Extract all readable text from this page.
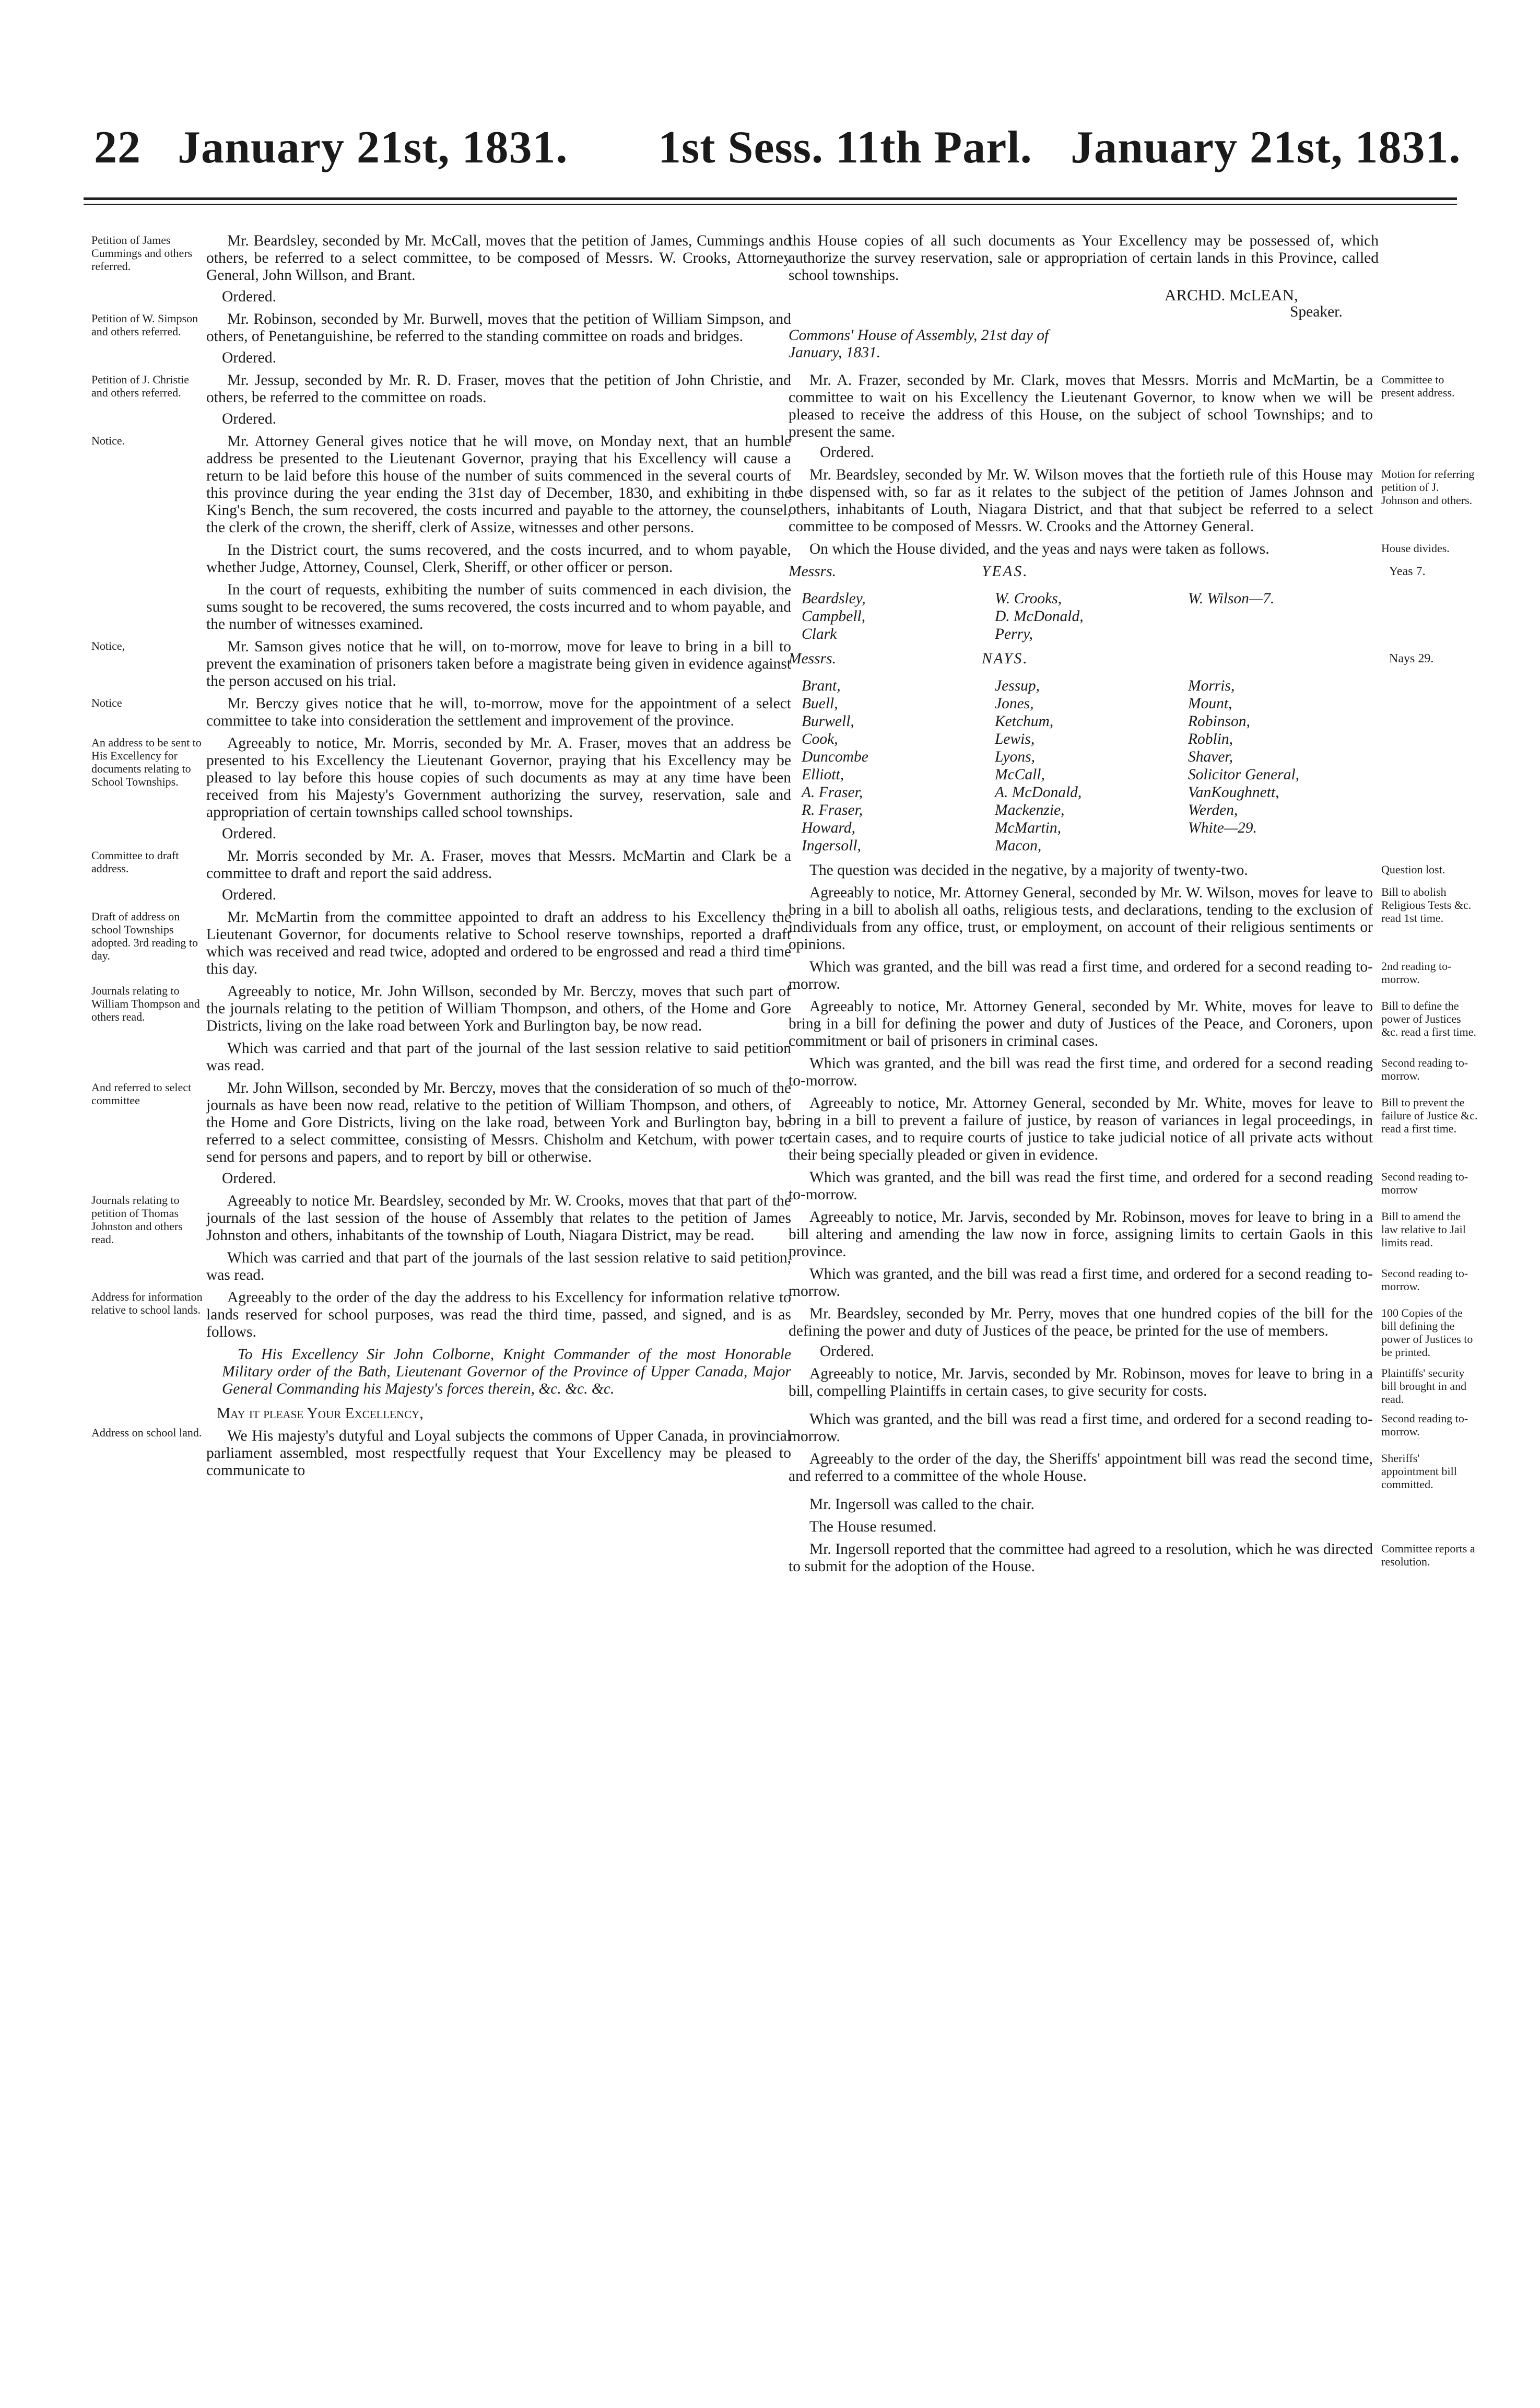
22 January 21st, 1831. 1st Sess. 11th Parl. January 21st, 1831.
Petition of James Cummings and others referred.

Mr. Beardsley, seconded by Mr. McCall, moves that the petition of James, Cummings and others, be referred to a select committee, to be composed of Messrs. W. Crooks, Attorney General, John Willson, and Brant.

Ordered.

Petition of W. Simpson and others referred.

Mr. Robinson, seconded by Mr. Burwell, moves that the petition of William Simpson, and others, of Penetanguishine, be referred to the standing committee on roads and bridges.

Ordered.

Petition of J. Christie and others referred.

Mr. Jessup, seconded by Mr. R. D. Fraser, moves that the petition of John Christie, and others, be referred to the committee on roads.

Ordered.

Notice.	Mr. Attorney General gives notice that he will move, on Monday next, that an humble address be presented to the Lieutenant Governor, praying that his Excellency will cause a return to be laid before this house of the number of suits commenced in the several courts of this province during the year ending the 31st day of December, 1830, and exhibiting in the King's Bench, the sum recovered, the costs incurred and payable to the attorney, the counsel, the clerk of the crown, the sheriff, clerk of Assize, witnesses and other persons.

In the District court, the sums recovered, and the costs incurred, and to whom payable, whether Judge, Attorney, Counsel, Clerk, Sheriff, or other officer or person.

In the court of requests, exhibiting the number of suits commenced in each division, the sums sought to be recovered, the sums recovered, the costs incurred and to whom payable, and the number of witnesses examined.

Notice,	Mr. Samson gives notice that he will, on to-morrow, move for leave to bring in a bill to prevent the examination of prisoners taken before a magistrate being given in evidence against the person accused on his trial.

Notice	Mr. Berczy gives notice that he will, to-morrow, move for the appointment of a select committee to take into consideration the settlement and improvement of the province.

An address to be sent to His Excellency for documents relating to School Townships.

Agreeably to notice, Mr. Morris, seconded by Mr. A. Fraser, moves that an address be presented to his Excellency the Lieutenant Governor, praying that his Excellency may be pleased to lay before this house copies of such documents as may at any time have been received from his Majesty's Government authorizing the survey, reservation, sale and appropriation of certain townships called school townships.

Ordered.

Committee to draft address.

Mr. Morris seconded by Mr. A. Fraser, moves that Messrs. McMartin and Clark be a committee to draft and report the said address.

Ordered.

Draft of address on school Townships adopted. 3rd reading to day.

Mr. McMartin from the committee appointed to draft an address to his Excellency the Lieutenant Governor, for documents relative to School reserve townships, reported a draft which was received and read twice, adopted and ordered to be engrossed and read a third time this day.

Journals relating to William Thompson and others read.

Agreeably to notice, Mr. John Willson, seconded by Mr. Berczy, moves that such part of the journals relating to the petition of William Thompson, and others, of the Home and Gore Districts, living on the lake road between York and Burlington bay, be now read.

Which was carried and that part of the journal of the last session relative to said petition was read.

And referred to select committee

Mr. John Willson, seconded by Mr. Berczy, moves that the consideration of so much of the journals as have been now read, relative to the petition of William Thompson, and others, of the Home and Gore Districts, living on the lake road, between York and Burlington bay, be referred to a select committee, consisting of Messrs. Chisholm and Ketchum, with power to send for persons and papers, and to report by bill or otherwise.

Ordered.

Journals relating to petition of Thomas Johnston and others read.

Agreeably to notice Mr. Beardsley, seconded by Mr. W. Crooks, moves that that part of the journals of the last session of the house of Assembly that relates to the petition of James Johnston and others, inhabitants of the township of Louth, Niagara District, may be read.

Which was carried and that part of the journals of the last session relative to said petition, was read.

Address for information relative to school lands.

Agreeably to the order of the day the address to his Excellency for information relative to lands reserved for school purposes, was read the third time, passed, and signed, and is as follows.

To His Excellency Sir John Colborne, Knight Commander of the most Honorable Military order of the Bath, Lieutenant Governor of the Province of Upper Canada, Major General Commanding his Majesty's forces therein, &c. &c. &c.

Address on school land.

May it please Your Excellency,

We His majesty's dutyful and Loyal subjects the commons of Upper Canada, in provincial parliament assembled, most respectfully request that Your Excellency may be pleased to communicate to

this House copies of all such documents as Your Excellency may be possessed of, which authorize the survey reservation, sale or appropriation of certain lands in this Province, called school townships.

ARCHD. McLEAN,
Speaker.

Commons' House of Assembly, 21st day of January, 1831.

Mr. A. Frazer, seconded by Mr. Clark, moves that Messrs. Morris and McMartin, be a committee to wait on his Excellency the Lieutenant Governor, to know when we will be pleased to receive the address of this House, on the subject of school Townships; and to present the same.

Ordered.

Committee to present address.

Mr. Beardsley, seconded by Mr. W. Wilson moves that the fortieth rule of this House may be dispensed with, so far as it relates to the subject of the petition of James Johnson and others, inhabitants of Louth, Niagara District, and that that subject be referred to a select committee to be composed of Messrs. W. Crooks and the Attorney General.

Motion for referring petition of J. Johnson and others.

On which the House divided, and the yeas and nays were taken as follows.	House divides.
Messrs.	YEAS.	Yeas 7.
Beardsley,	W. Crooks,	W. Wilson—7.
Campbell,	D. McDonald,
Clark	Perry,
Messrs.	NAYS.	Nays 29.
Brant,	Jessup,	Morris,
Buell,	Jones,	Mount,
Burwell,	Ketchum,	Robinson,
Cook,	Lewis,	Roblin,
Duncombe	Lyons,	Shaver,
Elliott,	McCall,	Solicitor General,
A. Fraser,	A. McDonald,	VanKoughnett,
R. Fraser,	Mackenzie,	Werden,
Howard,	McMartin,	White—29.
Ingersoll,	Macon,

The question was decided in the negative, by a majority of twenty-two.	Question lost.

Agreeably to notice, Mr. Attorney General, seconded by Mr. W. Wilson, moves for leave to bring in a bill to abolish all oaths, religious tests, and declarations, tending to the exclusion of individuals from any office, trust, or employment, on account of their religious sentiments or opinions.

Bill to abolish Religious Tests &c. read 1st time.

Which was granted, and the bill was read a first time, and ordered for a second reading to-morrow.

2nd reading to-morrow.

Agreeably to notice, Mr. Attorney General, seconded by Mr. White, moves for leave to bring in a bill for defining the power and duty of Justices of the Peace, and Coroners, upon commitment or bail of prisoners in criminal cases.

Bill to define the power of Justices &c. read a first time.

Which was granted, and the bill was read the first time, and ordered for a second reading to-morrow.

Second reading to-morrow.

Agreeably to notice, Mr. Attorney General, seconded by Mr. White, moves for leave to bring in a bill to prevent a failure of justice, by reason of variances in legal proceedings, in certain cases, and to require courts of justice to take judicial notice of all private acts without their being specially pleaded or given in evidence.

Bill to prevent the failure of Justice &c. read a first time.

Which was granted, and the bill was read the first time, and ordered for a second reading to-morrow.

Second reading to-morrow

Agreeably to notice, Mr. Jarvis, seconded by Mr. Robinson, moves for leave to bring in a bill altering and amending the law now in force, assigning limits to certain Gaols in this province.

Bill to amend the law relative to Jail limits read.

Which was granted, and the bill was read a first time, and ordered for a second reading to-morrow.

Second reading to-morrow.

Mr. Beardsley, seconded by Mr. Perry, moves that one hundred copies of the bill for the defining the power and duty of Justices of the peace, be printed for the use of members.

Ordered.

100 Copies of the bill defining the power of Justices to be printed.

Agreeably to notice, Mr. Jarvis, seconded by Mr. Robinson, moves for leave to bring in a bill, compelling Plaintiffs in certain cases, to give security for costs.

Plaintiffs' security bill brought in and read.

Which was granted, and the bill was read a first time, and ordered for a second reading to-morrow.

Second reading to-morrow.

Agreeably to the order of the day, the Sheriffs' appointment bill was read the second time, and referred to a committee of the whole House.

Sheriffs' appointment bill committed.

Mr. Ingersoll was called to the chair.

The House resumed.

Mr. Ingersoll reported that the committee had agreed to a resolution, which he was directed to submit for the adoption of the House.

Committee reports a resolution.
